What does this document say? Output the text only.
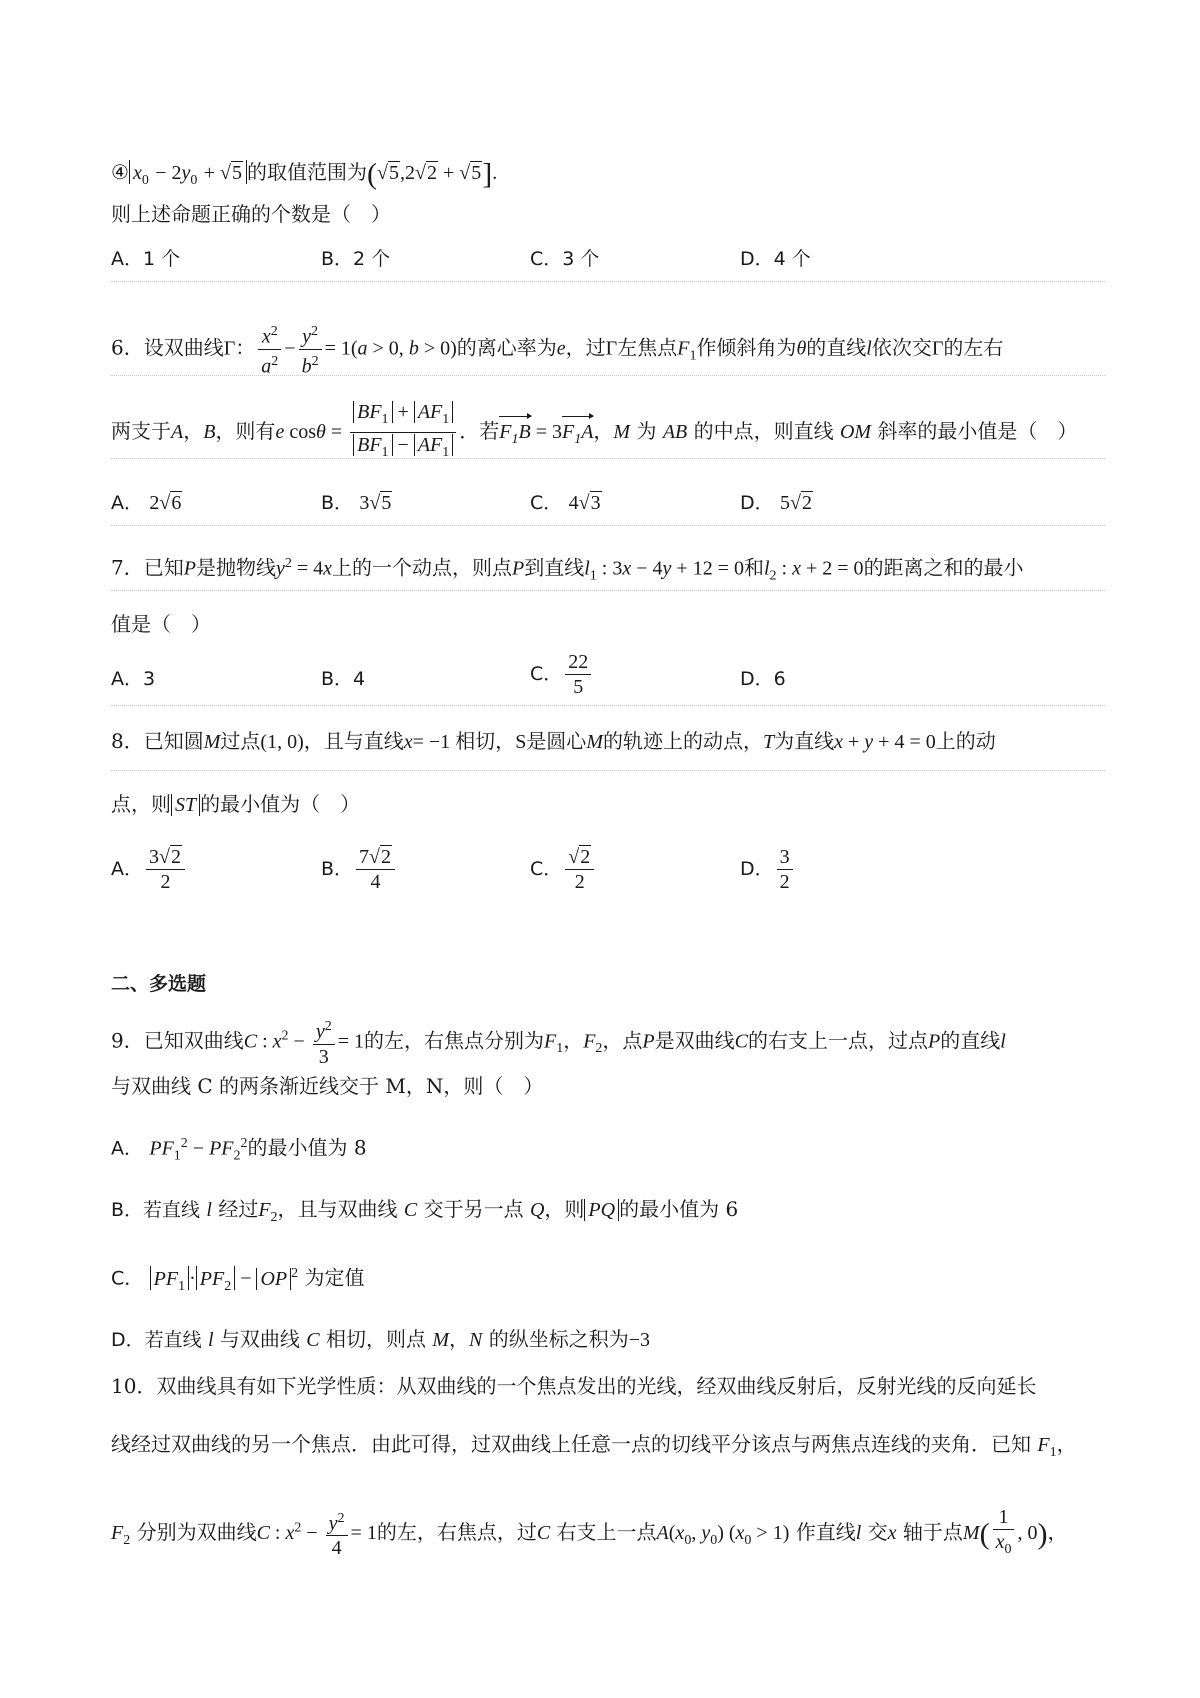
④ $x_0 - 2y_0 + √5$ 的取值范围为(√5,2√2 + √5].
则上述命题正确的个数是（　）
A．1 个	B．2 个	C．3 个	D．4 个
6．设双曲线Γ： $\frac{x^2}{a^2} - \frac{y^2}{b^2} = 1(a > 0$, b > 0)的离心率为e，过Γ左焦点$F_1$作倾斜角为θ的直线l依次交Γ的左右
两支于A，B，则有e $\cos\theta = \frac{BF_1 + AF_1}{BF_1 - AF_1}$ ．若$F_1B = 3F_1A$，M 为 AB 的中点，则直线 OM 斜率的最小值是（　）
A． 2√6	B． 3√5	C． 4√3	D． 5√2
7．已知P是抛物线$y^2 = 4x$上的一个动点，则点P到直线$l_1$ : 3x − 4y + 12 = 0和$l_2$ : x + 2 = 0的距离之和的最小
值是（　）
A．3	B．4	C． $\frac{22}{5}$	D．6
8．已知圆M过点(1, 0)，且与直线x= −1 相切，S是圆心M的轨迹上的动点，T为直线x + y + 4 = 0上的动
点，则 ST 的最小值为（　）
A． $\frac{3√2}{2}$	B． $\frac{7√2}{4}$	C． $\frac{√2}{2}$	D． $\frac{3}{2}$
二、多选题
9．已知双曲线C : $x^2 - \frac{y^2}{3} = 1$的左，右焦点分别为$F_1$，$F_2$，点P是双曲线C的右支上一点，过点P的直线l
与双曲线 C 的两条渐近线交于 M，N，则（　）
A． $PF_1^2 - PF_2^2$的最小值为 8
B．若直线 l 经过$F_2$，且与双曲线 C 交于另一点 Q，则 PQ 的最小值为 6
C． $PF_1 \cdot PF_2$ − OP $^2$ 为定值
D．若直线 l 与双曲线 C 相切，则点 M，N 的纵坐标之积为−3
10．双曲线具有如下光学性质：从双曲线的一个焦点发出的光线，经双曲线反射后，反射光线的反向延长
线经过双曲线的另一个焦点．由此可得，过双曲线上任意一点的切线平分该点与两焦点连线的夹角．已知 $F_1$，
$F_2$ 分别为双曲线C : $x^2 - \frac{y^2}{4} = 1$的左，右焦点，过C 右支上一点$A(x_0$, $y_0$) $(x_0 > 1)$ 作直线l 交x 轴于点$M( \frac{1}{x_0}$ , 0)，
